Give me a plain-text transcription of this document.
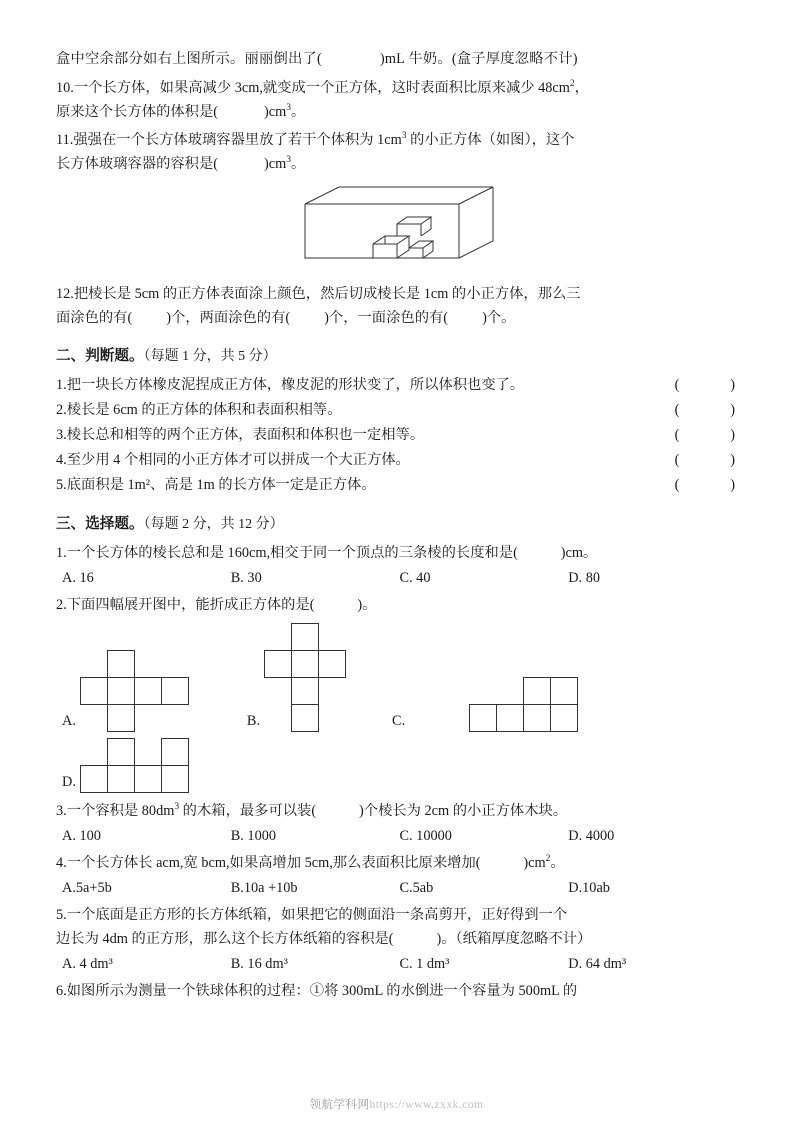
盒中空余部分如右上图所示。丽丽倒出了(　　　　)mL 牛奶。(盒子厚度忽略不计)

10.一个长方体，如果高减少 3cm,就变成一个正方体，这时表面积比原来减少 $48cm^2$，
原来这个长方体的体积是(	)$cm^3$。

11.强强在一个长方体玻璃容器里放了若干个体积为 $1cm^3$ 的小正方体（如图），这个
长方体玻璃容器的容积是(	)$cm^3$。

12.把棱长是 5cm 的正方体表面涂上颜色，然后切成棱长是 1cm 的小正方体，那么三
面涂色的有( )个，两面涂色的有( )个，一面涂色的有( )个。

二、判断题。（每题 1 分，共 5 分）

1.把一块长方体橡皮泥捏成正方体，橡皮泥的形状变了，所以体积也变了。	(　　　)
2.棱长是 6cm 的正方体的体积和表面积相等。	(　　　)
3.棱长总和相等的两个正方体，表面积和体积也一定相等。	(　　　)
4.至少用 4 个相同的小正方体才可以拼成一个大正方体。	(　　　)
5.底面积是 1m²、高是 1m 的长方体一定是正方体。	(　　　)

三、选择题。（每题 2 分，共 12 分）

1.一个长方体的棱长总和是 160cm,相交于同一个顶点的三条棱的长度和是(　　　)cm。

A. 16	B. 30	C. 40	D. 80

2.下面四幅展开图中，能折成正方体的是(　　　)。

A.

				B.

			C.

D.

3.一个容积是 $80dm^3$ 的木箱，最多可以装(　　　)个棱长为 2cm 的小正方体木块。

A. 100	B. 1000	C. 10000	D. 4000

4.一个长方体长 acm,宽 bcm,如果高增加 5cm,那么表面积比原来增加(　　　)$cm^2$。

A.5a+5b	B.10a +10b	C.5ab	D.10ab

5.一个底面是正方形的长方体纸箱，如果把它的侧面沿一条高剪开，正好得到一个
边长为 4dm 的正方形，那么这个长方体纸箱的容积是(　　　)。（纸箱厚度忽略不计）

A. 4 dm³	B. 16 dm³	C. 1 dm³	D. 64 dm³

6.如图所示为测量一个铁球体积的过程：①将 300mL 的水倒进一个容量为 500mL 的

领航学科网https://www.zxxk.com
